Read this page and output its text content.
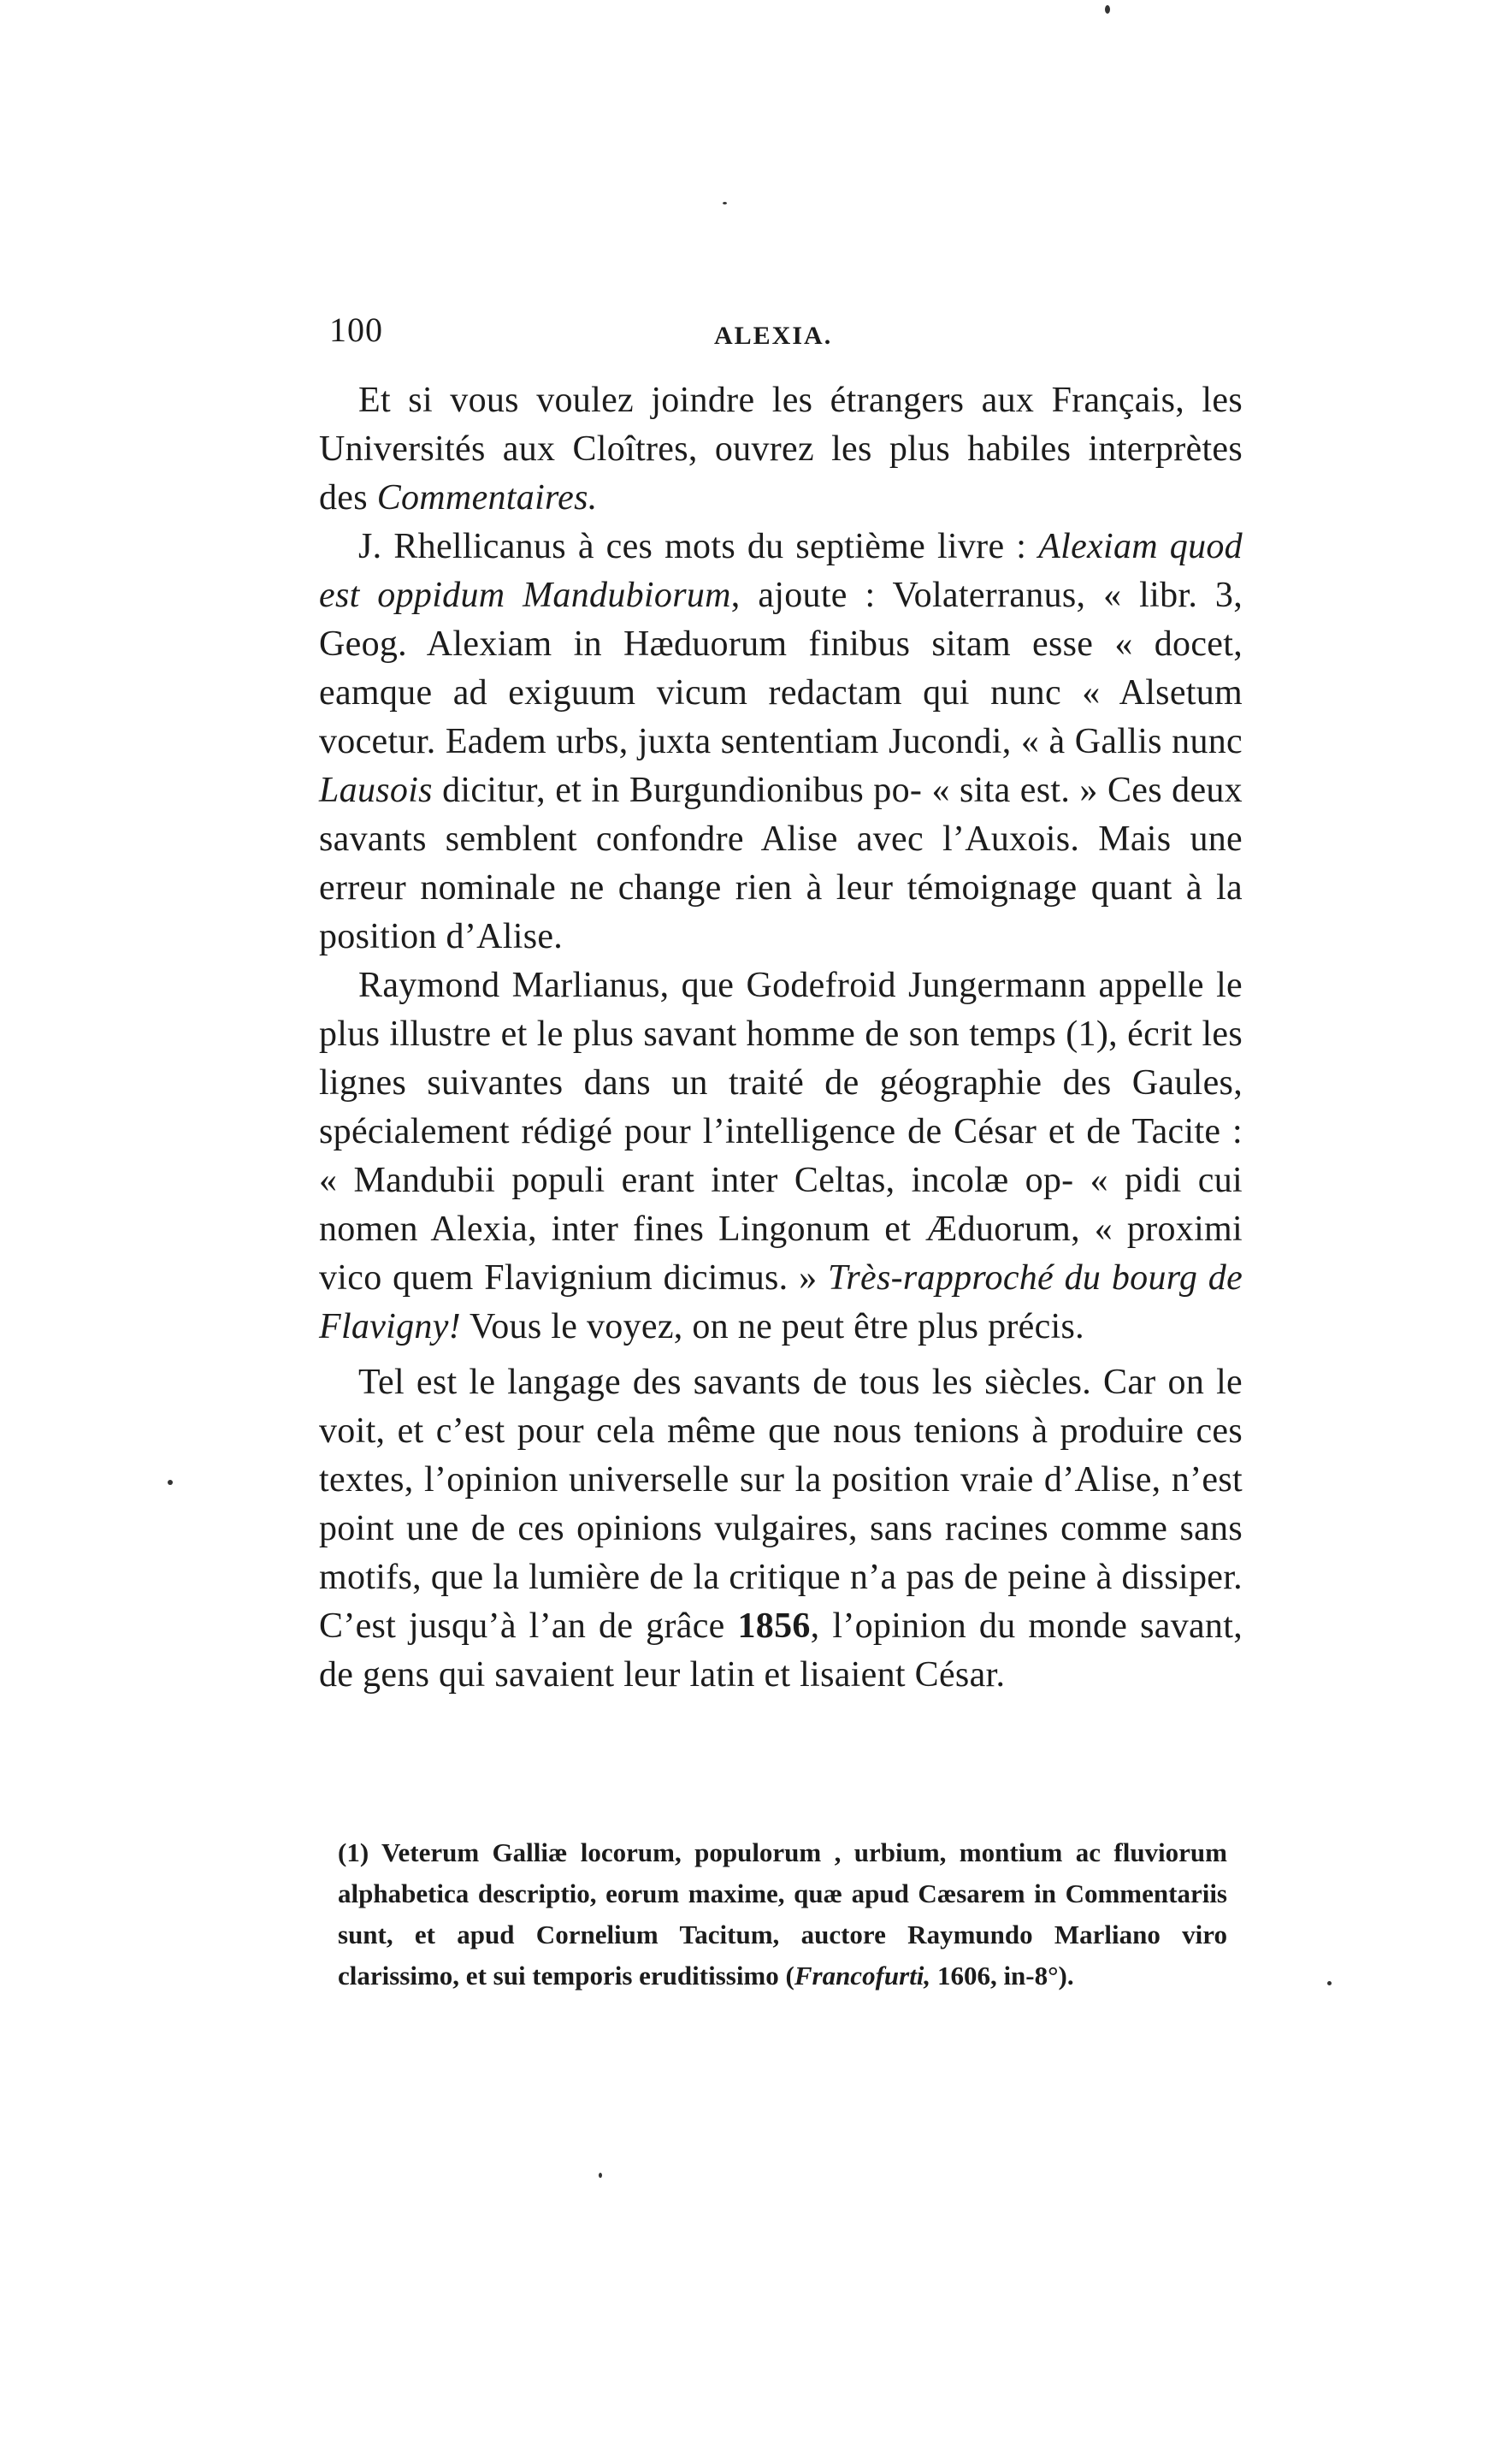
100	ALEXIA.

Et si vous voulez joindre les étrangers aux Français, les Universités aux Cloîtres, ouvrez les plus habiles interprètes des Commentaires.

J. Rhellicanus à ces mots du septième livre : Alexiam quod est oppidum Mandubiorum, ajoute : Volaterranus, « libr. 3, Geog. Alexiam in Hæduorum finibus sitam esse « docet, eamque ad exiguum vicum redactam qui nunc « Alsetum vocetur. Eadem urbs, juxta sententiam Jucondi, « à Gallis nunc Lausois dicitur, et in Burgundionibus po- « sita est. » Ces deux savants semblent confondre Alise avec l’Auxois. Mais une erreur nominale ne change rien à leur témoignage quant à la position d’Alise.

Raymond Marlianus, que Godefroid Jungermann appelle le plus illustre et le plus savant homme de son temps (1), écrit les lignes suivantes dans un traité de géographie des Gaules, spécialement rédigé pour l’intelligence de César et de Tacite : « Mandubii populi erant inter Celtas, incolæ op- « pidi cui nomen Alexia, inter fines Lingonum et Æduorum, « proximi vico quem Flavignium dicimus. » Très-rapproché du bourg de Flavigny! Vous le voyez, on ne peut être plus précis.

Tel est le langage des savants de tous les siècles. Car on le voit, et c’est pour cela même que nous tenions à produire ces textes, l’opinion universelle sur la position vraie d’Alise, n’est point une de ces opinions vulgaires, sans racines comme sans motifs, que la lumière de la critique n’a pas de peine à dissiper. C’est jusqu’à l’an de grâce 1856, l’opinion du monde savant, de gens qui savaient leur latin et lisaient César.

(1) Veterum Galliæ locorum, populorum , urbium, montium ac fluviorum alphabetica descriptio, eorum maxime, quæ apud Cæsarem in Commentariis sunt, et apud Cornelium Tacitum, auctore Raymundo Marliano viro clarissimo, et sui temporis eruditissimo (Francofurti, 1606, in-8°).
